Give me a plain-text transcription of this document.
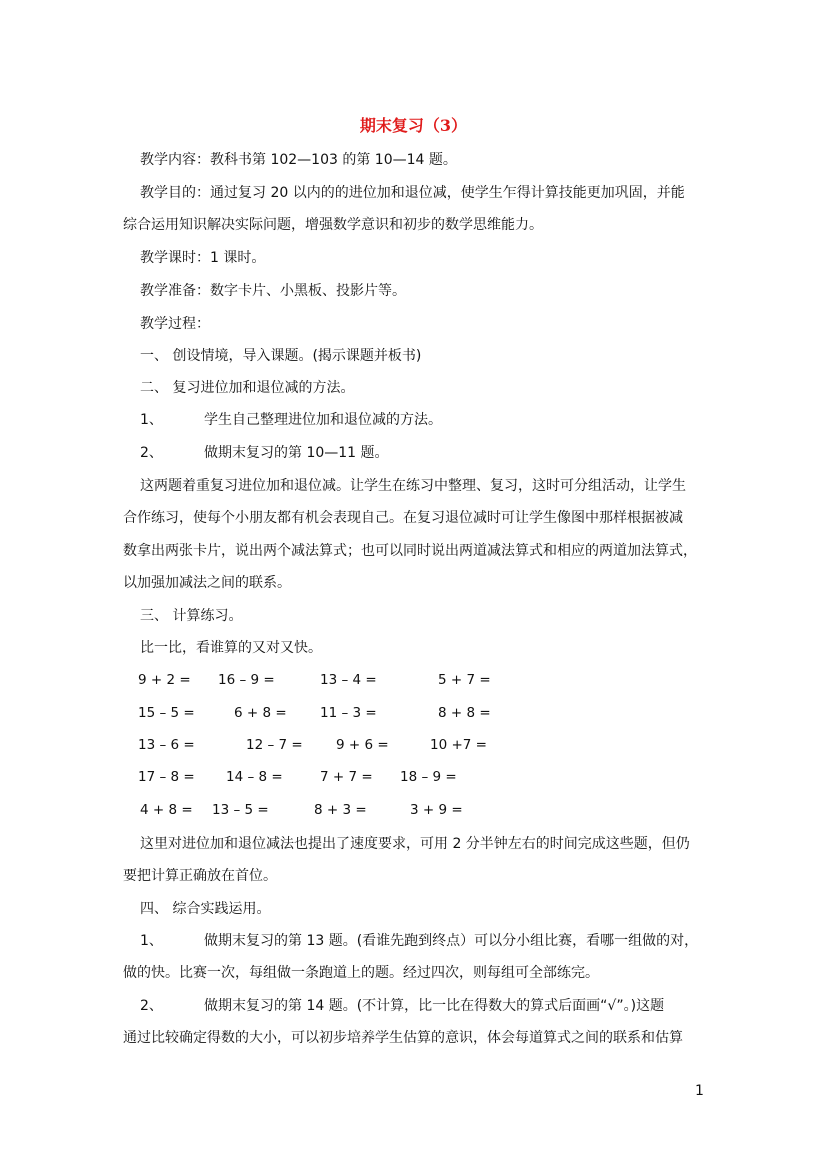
期末复习（3）
教学内容：教科书第 102—103 的第 10—14 题。
教学目的：通过复习 20 以内的的进位加和退位减，使学生乍得计算技能更加巩固，并能
综合运用知识解决实际问题，增强数学意识和初步的数学思维能力。
教学课时：1 课时。
教学准备：数字卡片、小黑板、投影片等。
教学过程：
一、 创设情境，导入课题。(揭示课题并板书)
二、 复习进位加和退位减的方法。
1、	学生自己整理进位加和退位减的方法。
2、	做期末复习的第 10—11 题。
这两题着重复习进位加和退位减。让学生在练习中整理、复习，这时可分组活动，让学生
合作练习，使每个小朋友都有机会表现自己。在复习退位减时可让学生像图中那样根据被减
数拿出两张卡片，说出两个减法算式；也可以同时说出两道减法算式和相应的两道加法算式，
以加强加减法之间的联系。
三、 计算练习。
比一比，看谁算的又对又快。
9 + 2 = 16 – 9 =	13 – 4 =	5 + 7 =
15 – 5 =	6 + 8 = 11 – 3 =	8 + 8 =
13 – 6 =	12 – 7 = 9 + 6 =	10 +7 =
17 – 8 = 14 – 8 =	7 + 7 = 18 – 9 =
4 + 8 = 13 – 5 =	8 + 3 =	3 + 9 =
这里对进位加和退位减法也提出了速度要求，可用 2 分半钟左右的时间完成这些题，但仍
要把计算正确放在首位。
四、 综合实践运用。
1、	做期末复习的第 13 题。(看谁先跑到终点）可以分小组比赛，看哪一组做的对，
做的快。比赛一次，每组做一条跑道上的题。经过四次，则每组可全部练完。
2、	做期末复习的第 14 题。(不计算，比一比在得数大的算式后面画“√”。)这题
通过比较确定得数的大小，可以初步培养学生估算的意识，体会每道算式之间的联系和估算
1
